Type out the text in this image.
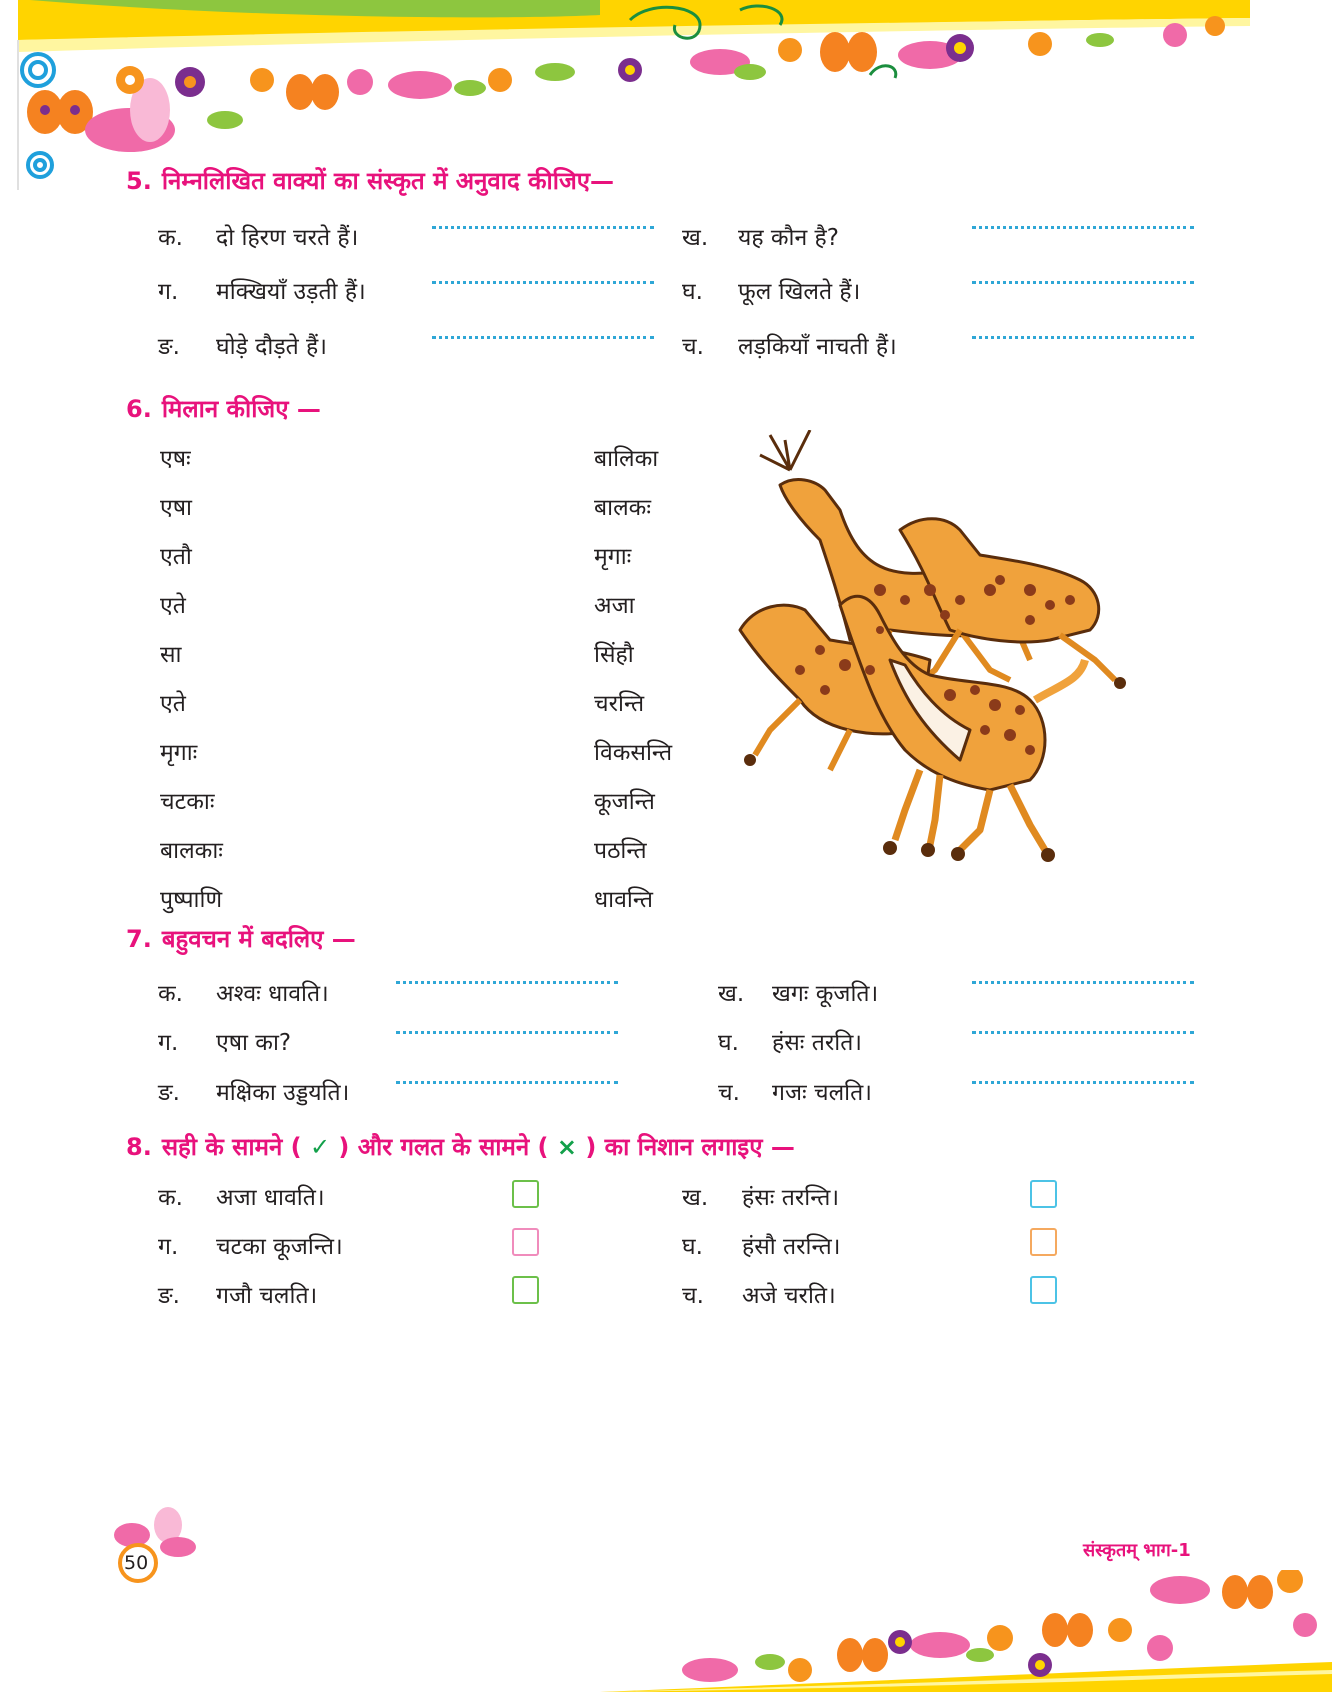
5. निम्नलिखित वाक्यों का संस्कृत में अनुवाद कीजिए—
क. दो हिरण चरते हैं।	ख. यह कौन है?
ग. मक्खियाँ उड़ती हैं।	घ. फूल खिलते हैं।
ङ. घोड़े दौड़ते हैं।	च. लड़कियाँ नाचती हैं।
6. मिलान कीजिए —
एषः
एषा
एतौ
एते
सा
एते
मृगाः
चटकाः
बालकाः
पुष्पाणि
बालिका
बालकः
मृगाः
अजा
सिंहौ
चरन्ति
विकसन्ति
कूजन्ति
पठन्ति
धावन्ति
7. बहुवचन में बदलिए —
क. अश्वः धावति।	ख. खगः कूजति।
ग. एषा का?	घ. हंसः तरति।
ङ. मक्षिका उड्डयति।	च. गजः चलति।
8. सही के सामने ( ✓ ) और गलत के सामने ( × ) का निशान लगाइए —
क. अजा धावति।	ख. हंसः तरन्ति।
ग. चटका कूजन्ति।	घ. हंसौ तरन्ति।
ङ. गजौ चलति।	च. अजे चरति।
50
संस्कृतम् भाग-1
